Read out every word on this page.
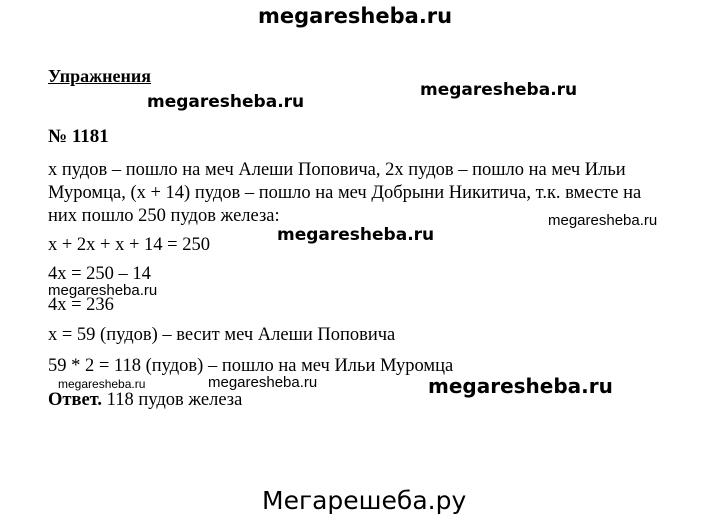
megaresheba.ru
Упражнения
megaresheba.ru
megaresheba.ru
№ 1181
x пудов – пошло на меч Алеши Поповича, 2x пудов – пошло на меч Ильи
Муромца, (x + 14) пудов – пошло на меч Добрыни Никитича, т.к. вместе на
них пошло 250 пудов железа:	megaresheba.ru
megaresheba.ru
x + 2x + x + 14 = 250
4x = 250 – 14
megaresheba.ru
4x = 236
x = 59 (пудов) – весит меч Алеши Поповича
59 * 2 = 118 (пудов) – пошло на меч Ильи Муромца
megaresheba.ru	megaresheba.ru	megaresheba.ru
Ответ. 118 пудов железа
Мегарешеба.ру
